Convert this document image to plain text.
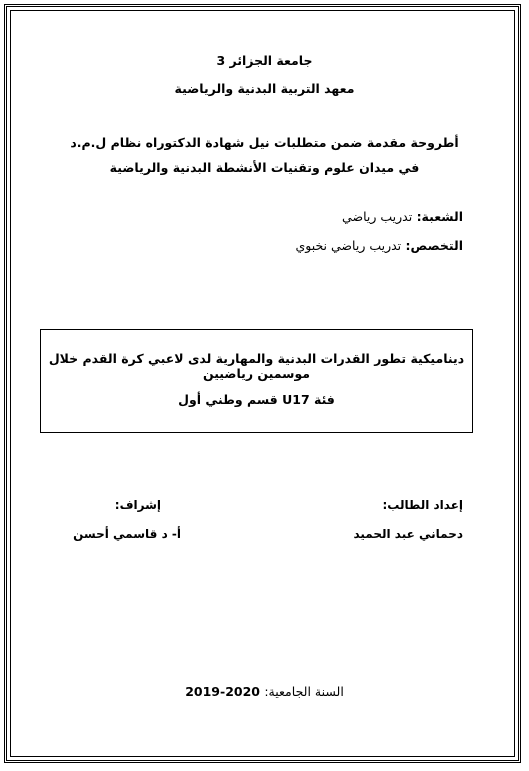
جامعة الجزائر 3
معهد التربية البدنية والرياضية
أطروحة مقدمة ضمن متطلبات نيل شهادة الدكتوراه نظام ل.م.د
في ميدان علوم وتقنيات الأنشطة البدنية والرياضية
الشعبة: تدريب رياضي
التخصص: تدريب رياضي نخبوي
ديناميكية تطور القدرات البدنية والمهارية لدى لاعبي كرة القدم خلال موسمين رياضيين
فئة U17 قسم وطني أول
إعداد الطالب:
دحماني عبد الحميد
إشراف:
أ- د قاسمي أحسن
السنة الجامعية: 2020-2019
